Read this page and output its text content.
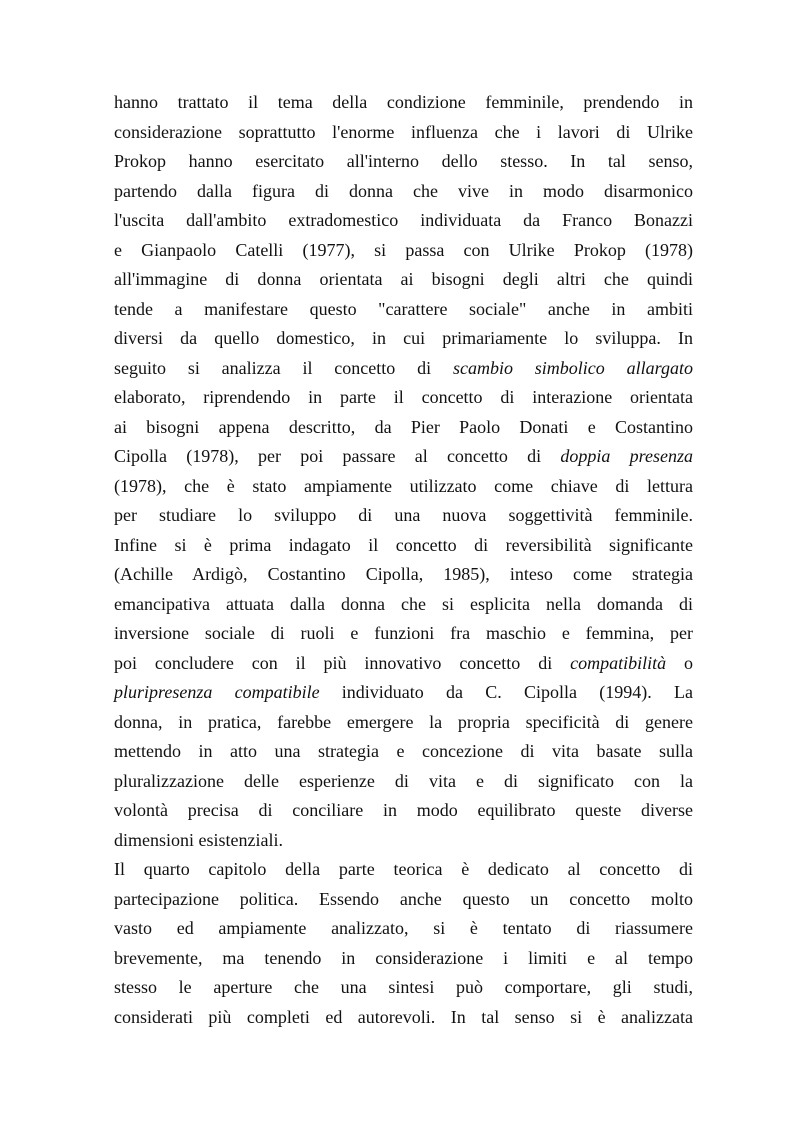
hanno trattato il tema della condizione femminile, prendendo in
considerazione soprattutto l'enorme influenza che i lavori di Ulrike
Prokop hanno esercitato all'interno dello stesso. In tal senso,
partendo dalla figura di donna che vive in modo disarmonico
l'uscita dall'ambito extradomestico individuata da Franco Bonazzi
e Gianpaolo Catelli (1977), si passa con Ulrike Prokop (1978)
all'immagine di donna orientata ai bisogni degli altri che quindi
tende a manifestare questo "carattere sociale" anche in ambiti
diversi da quello domestico, in cui primariamente lo sviluppa. In
seguito si analizza il concetto di scambio simbolico allargato
elaborato, riprendendo in parte il concetto di interazione orientata
ai bisogni appena descritto, da Pier Paolo Donati e Costantino
Cipolla (1978), per poi passare al concetto di doppia presenza
(1978), che è stato ampiamente utilizzato come chiave di lettura
per studiare lo sviluppo di una nuova soggettività femminile.
Infine si è prima indagato il concetto di reversibilità significante
(Achille Ardigò, Costantino Cipolla, 1985), inteso come strategia
emancipativa attuata dalla donna che si esplicita nella domanda di
inversione sociale di ruoli e funzioni fra maschio e femmina, per
poi concludere con il più innovativo concetto di compatibilità o
pluripresenza compatibile individuato da C. Cipolla (1994). La
donna, in pratica, farebbe emergere la propria specificità di genere
mettendo in atto una strategia e concezione di vita basate sulla
pluralizzazione delle esperienze di vita e di significato con la
volontà precisa di conciliare in modo equilibrato queste diverse
dimensioni esistenziali.
Il quarto capitolo della parte teorica è dedicato al concetto di
partecipazione politica. Essendo anche questo un concetto molto
vasto ed ampiamente analizzato, si è tentato di riassumere
brevemente, ma tenendo in considerazione i limiti e al tempo
stesso le aperture che una sintesi può comportare, gli studi,
considerati più completi ed autorevoli. In tal senso si è analizzata
